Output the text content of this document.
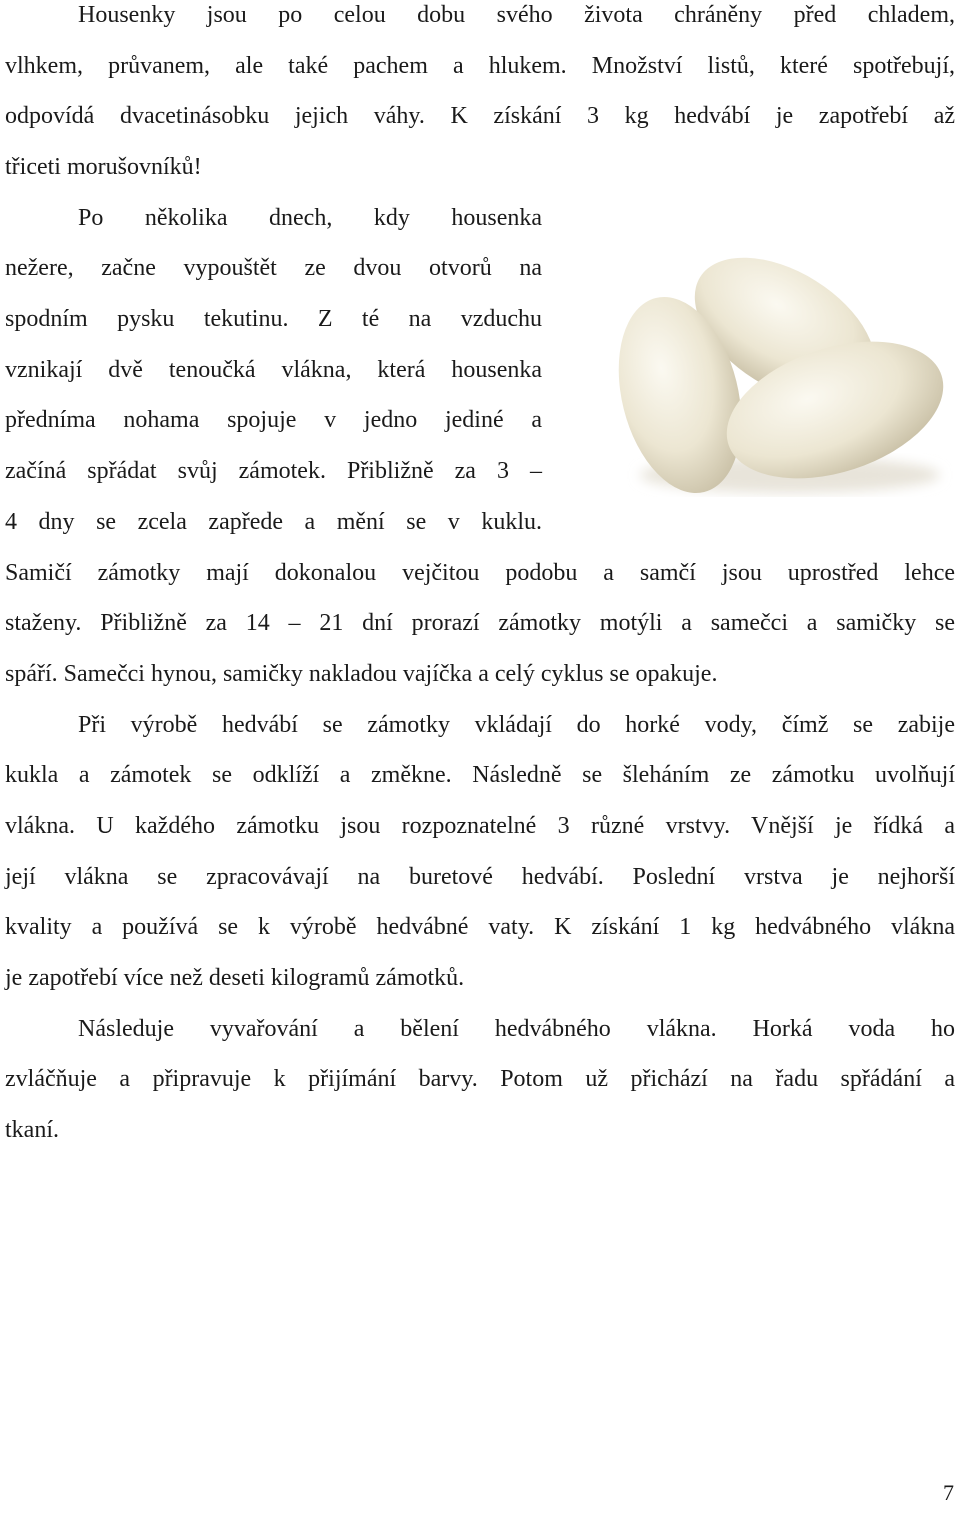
Housenky jsou po celou dobu svého života chráněny před chladem,
vlhkem, průvanem, ale také pachem a hlukem. Množství listů, které spotřebují,
odpovídá dvacetinásobku jejich váhy. K získání 3 kg hedvábí je zapotřebí až
třiceti morušovníků!
Po několika dnech, kdy housenka
nežere, začne vypouštět ze dvou otvorů na
spodním pysku tekutinu. Z té na vzduchu
vznikají dvě tenoučká vlákna, která housenka
předníma nohama spojuje v jedno jediné a
začíná spřádat svůj zámotek. Přibližně za 3 –
4 dny se zcela zapřede a mění se v kuklu.
Samičí zámotky mají dokonalou vejčitou podobu a samčí jsou uprostřed lehce
staženy. Přibližně za 14 – 21 dní prorazí zámotky motýli a samečci a samičky se
spáří. Samečci hynou, samičky nakladou vajíčka a celý cyklus se opakuje.
Při výrobě hedvábí se zámotky vkládají do horké vody, čímž se zabije
kukla a zámotek se odklíží a změkne. Následně se šleháním ze zámotku uvolňují
vlákna. U každého zámotku jsou rozpoznatelné 3 různé vrstvy. Vnější je řídká a
její vlákna se zpracovávají na buretové hedvábí. Poslední vrstva je nejhorší
kvality a používá se k výrobě hedvábné vaty. K získání 1 kg hedvábného vlákna
je zapotřebí více než deseti kilogramů zámotků.
Následuje vyvařování a bělení hedvábného vlákna. Horká voda ho
zvláčňuje a připravuje k přijímání barvy. Potom už přichází na řadu spřádání a
tkaní.
7
